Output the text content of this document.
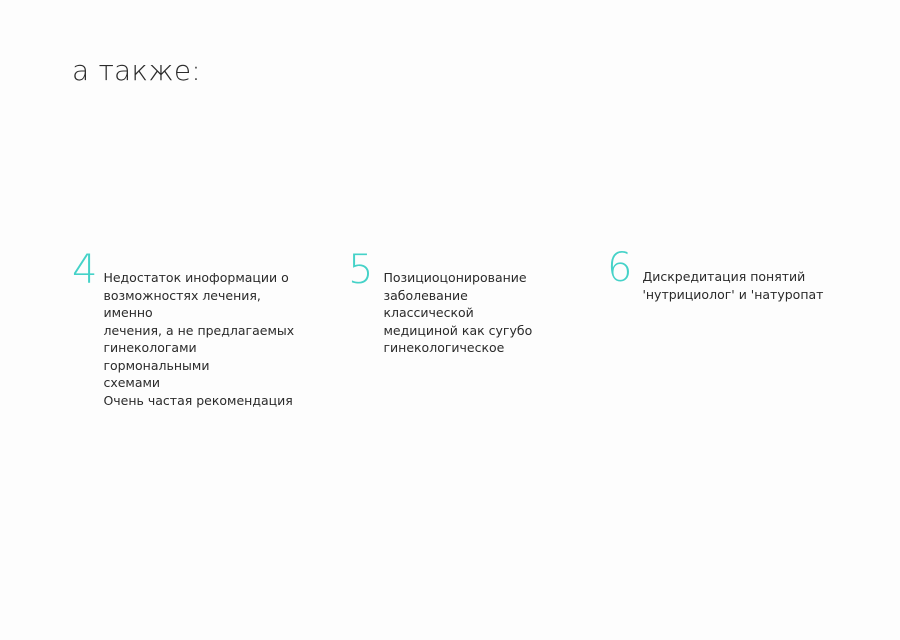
а также:
4 Недостаток иноформации о
возможностях лечения, именно
лечения, а не предлагаемых
гинекологами гормональными
схемами
Очень частая рекомендация
5 Позициоцонирование
заболевание классической
медициной как сугубо
гинекологическое
6 Дискредитация понятий
'нутрициолог' и 'натуропат
